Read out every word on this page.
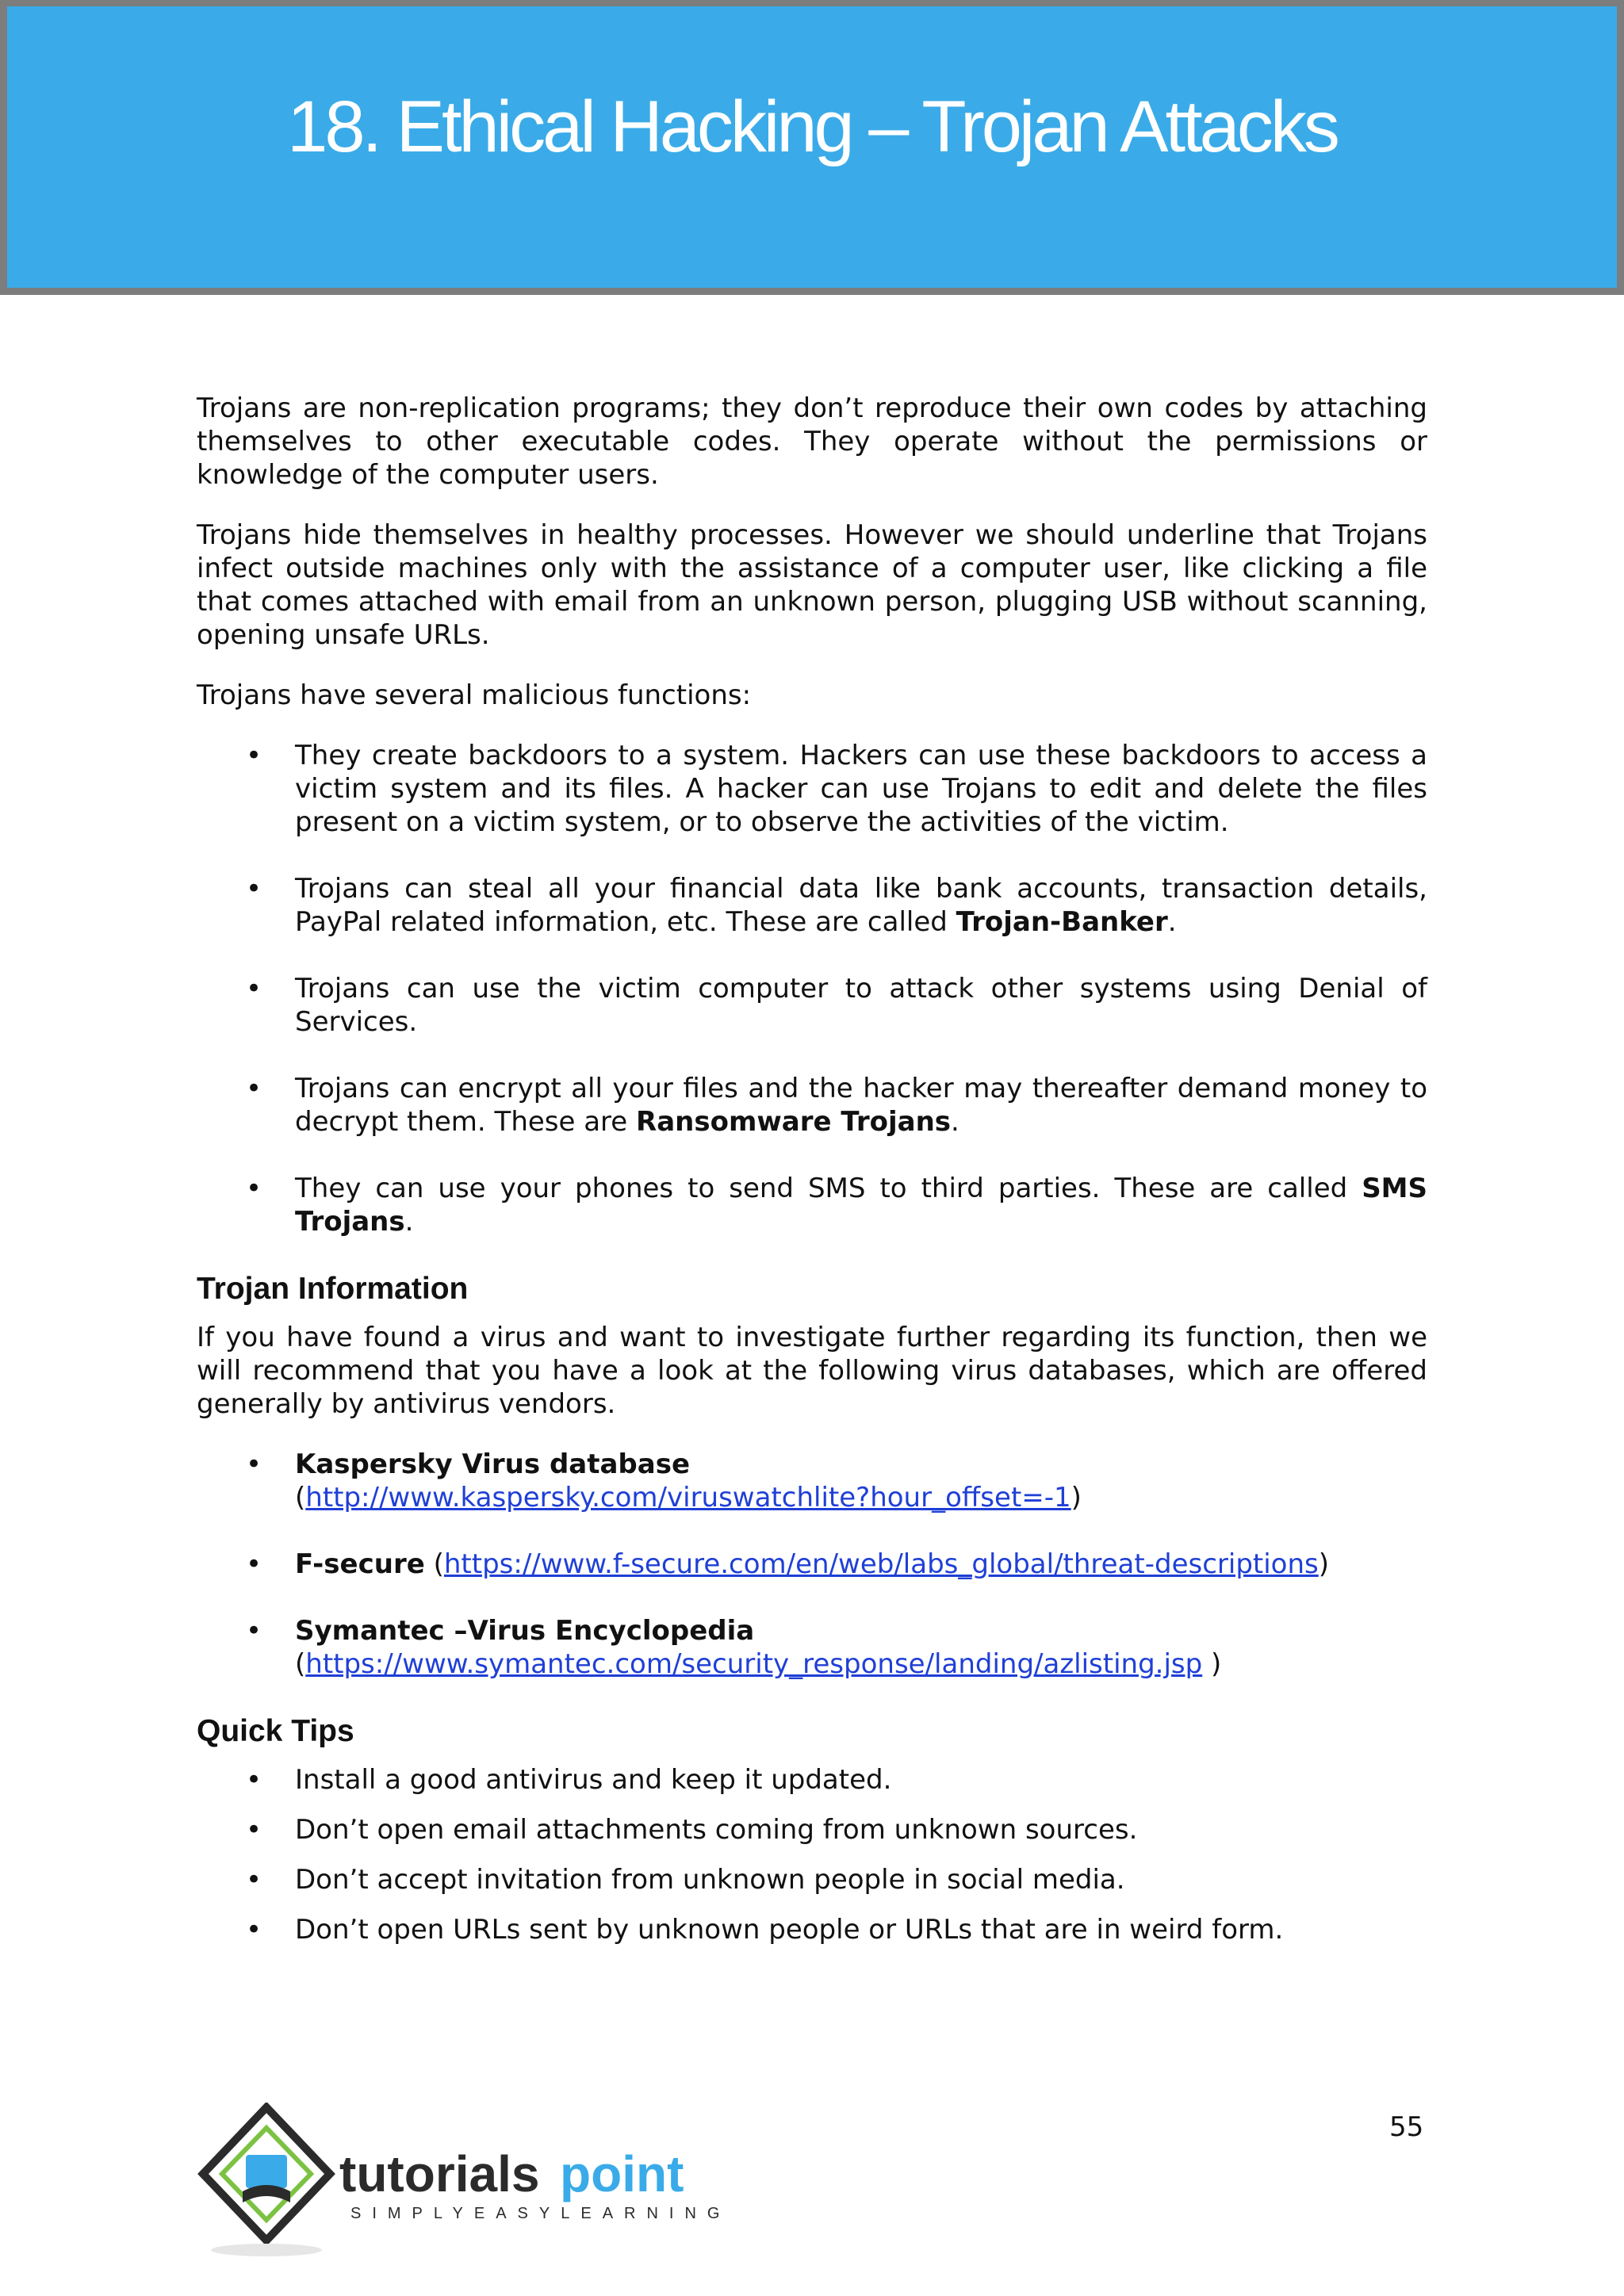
18. Ethical Hacking – Trojan Attacks

Trojans are non-replication programs; they don’t reproduce their own codes by attaching themselves to other executable codes. They operate without the permissions or knowledge of the computer users.

Trojans hide themselves in healthy processes. However we should underline that Trojans infect outside machines only with the assistance of a computer user, like clicking a file that comes attached with email from an unknown person, plugging USB without scanning, opening unsafe URLs.

Trojans have several malicious functions:

• They create backdoors to a system. Hackers can use these backdoors to access a victim system and its files. A hacker can use Trojans to edit and delete the files present on a victim system, or to observe the activities of the victim.
• Trojans can steal all your financial data like bank accounts, transaction details, PayPal related information, etc. These are called Trojan-Banker.
• Trojans can use the victim computer to attack other systems using Denial of Services.
• Trojans can encrypt all your files and the hacker may thereafter demand money to decrypt them. These are Ransomware Trojans.
• They can use your phones to send SMS to third parties. These are called SMS Trojans.
Trojan Information

If you have found a virus and want to investigate further regarding its function, then we will recommend that you have a look at the following virus databases, which are offered generally by antivirus vendors.

• Kaspersky Virus database
(http://www.kaspersky.com/viruswatchlite?hour_offset=-1)
• F-secure (https://www.f-secure.com/en/web/labs_global/threat-descriptions)
• Symantec –Virus Encyclopedia
(https://www.symantec.com/security_response/landing/azlisting.jsp )
Quick Tips
• Install a good antivirus and keep it updated.
• Don’t open email attachments coming from unknown sources.
• Don’t accept invitation from unknown people in social media.
• Don’t open URLs sent by unknown people or URLs that are in weird form.
55
tutorials point
SIMPLYEASYLEARNING
